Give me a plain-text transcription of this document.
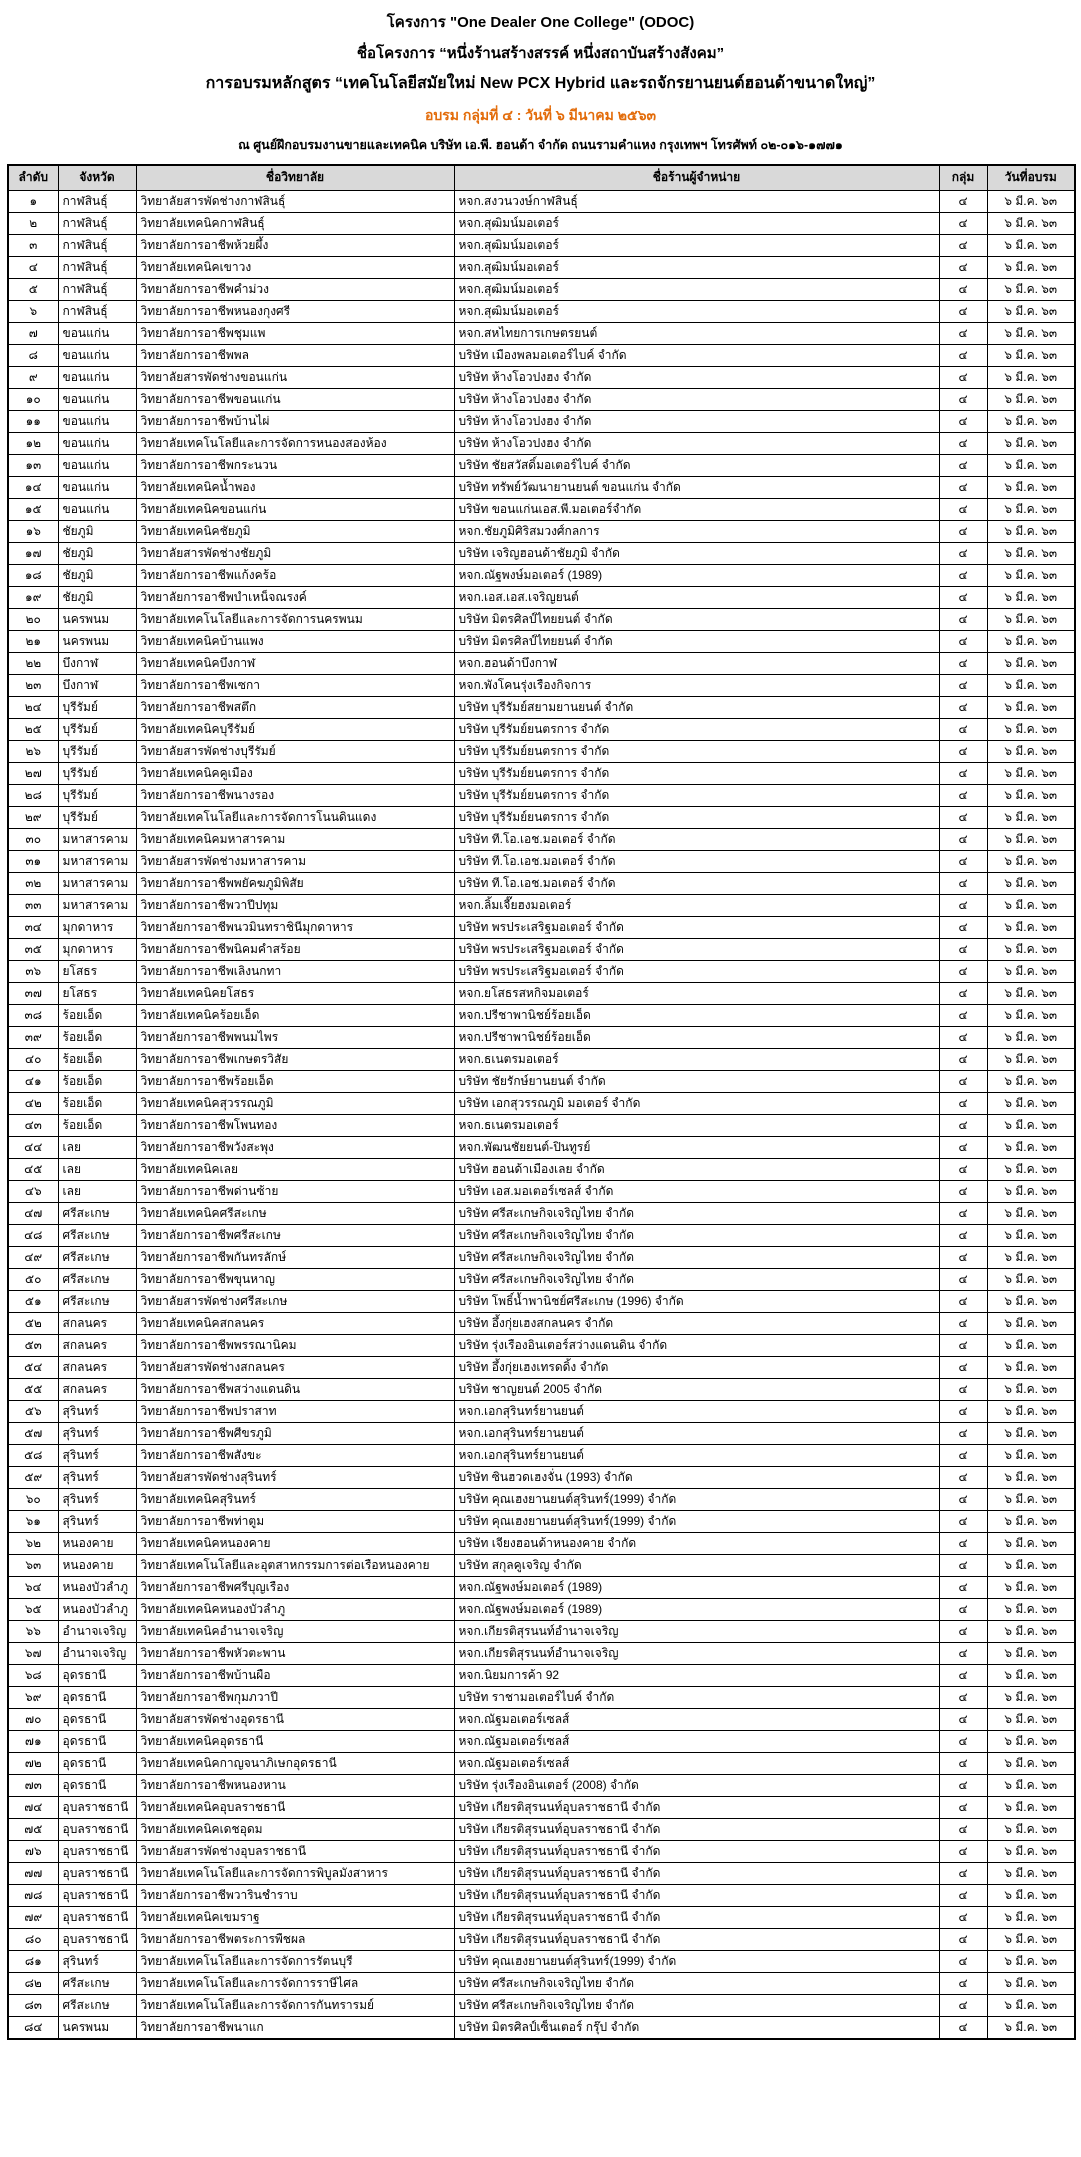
โครงการ "One Dealer One College" (ODOC)
ชื่อโครงการ “หนึ่งร้านสร้างสรรค์ หนึ่งสถาบันสร้างสังคม”
การอบรมหลักสูตร “เทคโนโลยีสมัยใหม่ New PCX Hybrid และรถจักรยานยนต์ฮอนด้าขนาดใหญ่”
อบรม กลุ่มที่ ๔ : วันที่ ๖ มีนาคม ๒๕๖๓
ณ ศูนย์ฝึกอบรมงานขายและเทคนิค บริษัท เอ.พี. ฮอนด้า จำกัด ถนนรามคำแหง กรุงเทพฯ โทรศัพท์ ๐๒-๐๑๖-๑๗๗๑
ลำดับ	จังหวัด	ชื่อวิทยาลัย	ชื่อร้านผู้จำหน่าย	กลุ่ม	วันที่อบรม
๑	กาฬสินธุ์	วิทยาลัยสารพัดช่างกาฬสินธุ์	หจก.สงวนวงษ์กาฬสินธุ์	๔	๖ มี.ค. ๖๓
๒	กาฬสินธุ์	วิทยาลัยเทคนิคกาฬสินธุ์	หจก.สุฒิมน์มอเตอร์	๔	๖ มี.ค. ๖๓
๓	กาฬสินธุ์	วิทยาลัยการอาชีพห้วยผึ้ง	หจก.สุฒิมน์มอเตอร์	๔	๖ มี.ค. ๖๓
๔	กาฬสินธุ์	วิทยาลัยเทคนิคเขาวง	หจก.สุฒิมน์มอเตอร์	๔	๖ มี.ค. ๖๓
๕	กาฬสินธุ์	วิทยาลัยการอาชีพคำม่วง	หจก.สุฒิมน์มอเตอร์	๔	๖ มี.ค. ๖๓
๖	กาฬสินธุ์	วิทยาลัยการอาชีพหนองกุงศรี	หจก.สุฒิมน์มอเตอร์	๔	๖ มี.ค. ๖๓
๗	ขอนแก่น	วิทยาลัยการอาชีพชุมแพ	หจก.สหไทยการเกษตรยนต์	๔	๖ มี.ค. ๖๓
๘	ขอนแก่น	วิทยาลัยการอาชีพพล	บริษัท เมืองพลมอเตอร์ไบค์ จำกัด	๔	๖ มี.ค. ๖๓
๙	ขอนแก่น	วิทยาลัยสารพัดช่างขอนแก่น	บริษัท ห้างโอวปงฮง จำกัด	๔	๖ มี.ค. ๖๓
๑๐	ขอนแก่น	วิทยาลัยการอาชีพขอนแก่น	บริษัท ห้างโอวปงฮง จำกัด	๔	๖ มี.ค. ๖๓
๑๑	ขอนแก่น	วิทยาลัยการอาชีพบ้านไผ่	บริษัท ห้างโอวปงฮง จำกัด	๔	๖ มี.ค. ๖๓
๑๒	ขอนแก่น	วิทยาลัยเทคโนโลยีและการจัดการหนองสองห้อง	บริษัท ห้างโอวปงฮง จำกัด	๔	๖ มี.ค. ๖๓
๑๓	ขอนแก่น	วิทยาลัยการอาชีพกระนวน	บริษัท ชัยสวัสดิ์มอเตอร์ไบค์ จำกัด	๔	๖ มี.ค. ๖๓
๑๔	ขอนแก่น	วิทยาลัยเทคนิคน้ำพอง	บริษัท ทรัพย์วัฒนายานยนต์ ขอนแก่น จำกัด	๔	๖ มี.ค. ๖๓
๑๕	ขอนแก่น	วิทยาลัยเทคนิคขอนแก่น	บริษัท ขอนแก่นเอส.พี.มอเตอร์จำกัด	๔	๖ มี.ค. ๖๓
๑๖	ชัยภูมิ	วิทยาลัยเทคนิคชัยภูมิ	หจก.ชัยภูมิศิริสมวงศ์กลการ	๔	๖ มี.ค. ๖๓
๑๗	ชัยภูมิ	วิทยาลัยสารพัดช่างชัยภูมิ	บริษัท เจริญฮอนด้าชัยภูมิ จำกัด	๔	๖ มี.ค. ๖๓
๑๘	ชัยภูมิ	วิทยาลัยการอาชีพแก้งคร้อ	หจก.ณัฐพงษ์มอเตอร์ (1989)	๔	๖ มี.ค. ๖๓
๑๙	ชัยภูมิ	วิทยาลัยการอาชีพบำเหน็จณรงค์	หจก.เอส.เอส.เจริญยนต์	๔	๖ มี.ค. ๖๓
๒๐	นครพนม	วิทยาลัยเทคโนโลยีและการจัดการนครพนม	บริษัท มิตรศิลป์ไทยยนต์ จำกัด	๔	๖ มี.ค. ๖๓
๒๑	นครพนม	วิทยาลัยเทคนิคบ้านแพง	บริษัท มิตรศิลป์ไทยยนต์ จำกัด	๔	๖ มี.ค. ๖๓
๒๒	บึงกาฬ	วิทยาลัยเทคนิคบึงกาฬ	หจก.ฮอนด้าบึงกาฬ	๔	๖ มี.ค. ๖๓
๒๓	บึงกาฬ	วิทยาลัยการอาชีพเซกา	หจก.พังโคนรุ่งเรืองกิจการ	๔	๖ มี.ค. ๖๓
๒๔	บุรีรัมย์	วิทยาลัยการอาชีพสตึก	บริษัท บุรีรัมย์สยามยานยนต์ จำกัด	๔	๖ มี.ค. ๖๓
๒๕	บุรีรัมย์	วิทยาลัยเทคนิคบุรีรัมย์	บริษัท บุรีรัมย์ยนตรการ จำกัด	๔	๖ มี.ค. ๖๓
๒๖	บุรีรัมย์	วิทยาลัยสารพัดช่างบุรีรัมย์	บริษัท บุรีรัมย์ยนตรการ จำกัด	๔	๖ มี.ค. ๖๓
๒๗	บุรีรัมย์	วิทยาลัยเทคนิคคูเมือง	บริษัท บุรีรัมย์ยนตรการ จำกัด	๔	๖ มี.ค. ๖๓
๒๘	บุรีรัมย์	วิทยาลัยการอาชีพนางรอง	บริษัท บุรีรัมย์ยนตรการ จำกัด	๔	๖ มี.ค. ๖๓
๒๙	บุรีรัมย์	วิทยาลัยเทคโนโลยีและการจัดการโนนดินแดง	บริษัท บุรีรัมย์ยนตรการ จำกัด	๔	๖ มี.ค. ๖๓
๓๐	มหาสารคาม	วิทยาลัยเทคนิคมหาสารคาม	บริษัท ที.โอ.เอช.มอเตอร์ จำกัด	๔	๖ มี.ค. ๖๓
๓๑	มหาสารคาม	วิทยาลัยสารพัดช่างมหาสารคาม	บริษัท ที.โอ.เอช.มอเตอร์ จำกัด	๔	๖ มี.ค. ๖๓
๓๒	มหาสารคาม	วิทยาลัยการอาชีพพยัคฆภูมิพิสัย	บริษัท ที.โอ.เอช.มอเตอร์ จำกัด	๔	๖ มี.ค. ๖๓
๓๓	มหาสารคาม	วิทยาลัยการอาชีพวาปีปทุม	หจก.ลิ้มเจี๊ยฮงมอเตอร์	๔	๖ มี.ค. ๖๓
๓๔	มุกดาหาร	วิทยาลัยการอาชีพนวมินทราชินีมุกดาหาร	บริษัท พรประเสริฐมอเตอร์ จำกัด	๔	๖ มี.ค. ๖๓
๓๕	มุกดาหาร	วิทยาลัยการอาชีพนิคมคำสร้อย	บริษัท พรประเสริฐมอเตอร์ จำกัด	๔	๖ มี.ค. ๖๓
๓๖	ยโสธร	วิทยาลัยการอาชีพเลิงนกทา	บริษัท พรประเสริฐมอเตอร์ จำกัด	๔	๖ มี.ค. ๖๓
๓๗	ยโสธร	วิทยาลัยเทคนิคยโสธร	หจก.ยโสธรสหกิจมอเตอร์	๔	๖ มี.ค. ๖๓
๓๘	ร้อยเอ็ด	วิทยาลัยเทคนิคร้อยเอ็ด	หจก.ปรีชาพานิชย์ร้อยเอ็ด	๔	๖ มี.ค. ๖๓
๓๙	ร้อยเอ็ด	วิทยาลัยการอาชีพพนมไพร	หจก.ปรีชาพานิชย์ร้อยเอ็ด	๔	๖ มี.ค. ๖๓
๔๐	ร้อยเอ็ด	วิทยาลัยการอาชีพเกษตรวิสัย	หจก.ธเนตรมอเตอร์	๔	๖ มี.ค. ๖๓
๔๑	ร้อยเอ็ด	วิทยาลัยการอาชีพร้อยเอ็ด	บริษัท ชัยรักษ์ยานยนต์ จำกัด	๔	๖ มี.ค. ๖๓
๔๒	ร้อยเอ็ด	วิทยาลัยเทคนิคสุวรรณภูมิ	บริษัท เอกสุวรรณภูมิ มอเตอร์ จำกัด	๔	๖ มี.ค. ๖๓
๔๓	ร้อยเอ็ด	วิทยาลัยการอาชีพโพนทอง	หจก.ธเนตรมอเตอร์	๔	๖ มี.ค. ๖๓
๔๔	เลย	วิทยาลัยการอาชีพวังสะพุง	หจก.พัฒนชัยยนต์-ปินทูรย์	๔	๖ มี.ค. ๖๓
๔๕	เลย	วิทยาลัยเทคนิคเลย	บริษัท ฮอนด้าเมืองเลย จำกัด	๔	๖ มี.ค. ๖๓
๔๖	เลย	วิทยาลัยการอาชีพด่านซ้าย	บริษัท เอส.มอเตอร์เซลส์ จำกัด	๔	๖ มี.ค. ๖๓
๔๗	ศรีสะเกษ	วิทยาลัยเทคนิคศรีสะเกษ	บริษัท ศรีสะเกษกิจเจริญไทย จำกัด	๔	๖ มี.ค. ๖๓
๔๘	ศรีสะเกษ	วิทยาลัยการอาชีพศรีสะเกษ	บริษัท ศรีสะเกษกิจเจริญไทย จำกัด	๔	๖ มี.ค. ๖๓
๔๙	ศรีสะเกษ	วิทยาลัยการอาชีพกันทรลักษ์	บริษัท ศรีสะเกษกิจเจริญไทย จำกัด	๔	๖ มี.ค. ๖๓
๕๐	ศรีสะเกษ	วิทยาลัยการอาชีพขุนหาญ	บริษัท ศรีสะเกษกิจเจริญไทย จำกัด	๔	๖ มี.ค. ๖๓
๕๑	ศรีสะเกษ	วิทยาลัยสารพัดช่างศรีสะเกษ	บริษัท โพธิ์น้ำพานิชย์ศรีสะเกษ (1996) จำกัด	๔	๖ มี.ค. ๖๓
๕๒	สกลนคร	วิทยาลัยเทคนิคสกลนคร	บริษัท อึ้งกุ่ยเฮงสกลนคร จำกัด	๔	๖ มี.ค. ๖๓
๕๓	สกลนคร	วิทยาลัยการอาชีพพรรณานิคม	บริษัท รุ่งเรืองอินเตอร์สว่างแดนดิน จำกัด	๔	๖ มี.ค. ๖๓
๕๔	สกลนคร	วิทยาลัยสารพัดช่างสกลนคร	บริษัท อึ้งกุ่ยเฮงเทรดดิ้ง จำกัด	๔	๖ มี.ค. ๖๓
๕๕	สกลนคร	วิทยาลัยการอาชีพสว่างแดนดิน	บริษัท ชาญยนต์ 2005 จำกัด	๔	๖ มี.ค. ๖๓
๕๖	สุรินทร์	วิทยาลัยการอาชีพปราสาท	หจก.เอกสุรินทร์ยานยนต์	๔	๖ มี.ค. ๖๓
๕๗	สุรินทร์	วิทยาลัยการอาชีพศีขรภูมิ	หจก.เอกสุรินทร์ยานยนต์	๔	๖ มี.ค. ๖๓
๕๘	สุรินทร์	วิทยาลัยการอาชีพสังขะ	หจก.เอกสุรินทร์ยานยนต์	๔	๖ มี.ค. ๖๓
๕๙	สุรินทร์	วิทยาลัยสารพัดช่างสุรินทร์	บริษัท ซินฮวดเฮงจั่น (1993) จำกัด	๔	๖ มี.ค. ๖๓
๖๐	สุรินทร์	วิทยาลัยเทคนิคสุรินทร์	บริษัท คุณเฮงยานยนต์สุรินทร์(1999) จำกัด	๔	๖ มี.ค. ๖๓
๖๑	สุรินทร์	วิทยาลัยการอาชีพท่าตูม	บริษัท คุณเฮงยานยนต์สุรินทร์(1999) จำกัด	๔	๖ มี.ค. ๖๓
๖๒	หนองคาย	วิทยาลัยเทคนิคหนองคาย	บริษัท เจียงฮอนด้าหนองคาย จำกัด	๔	๖ มี.ค. ๖๓
๖๓	หนองคาย	วิทยาลัยเทคโนโลยีและอุตสาหกรรมการต่อเรือหนองคาย	บริษัท สกุลคูเจริญ จำกัด	๔	๖ มี.ค. ๖๓
๖๔	หนองบัวลำภู	วิทยาลัยการอาชีพศรีบุญเรือง	หจก.ณัฐพงษ์มอเตอร์ (1989)	๔	๖ มี.ค. ๖๓
๖๕	หนองบัวลำภู	วิทยาลัยเทคนิคหนองบัวลำภู	หจก.ณัฐพงษ์มอเตอร์ (1989)	๔	๖ มี.ค. ๖๓
๖๖	อำนาจเจริญ	วิทยาลัยเทคนิคอำนาจเจริญ	หจก.เกียรติสุรนนท์อำนาจเจริญ	๔	๖ มี.ค. ๖๓
๖๗	อำนาจเจริญ	วิทยาลัยการอาชีพหัวตะพาน	หจก.เกียรติสุรนนท์อำนาจเจริญ	๔	๖ มี.ค. ๖๓
๖๘	อุดรธานี	วิทยาลัยการอาชีพบ้านผือ	หจก.นิยมการค้า 92	๔	๖ มี.ค. ๖๓
๖๙	อุดรธานี	วิทยาลัยการอาชีพกุมภวาปี	บริษัท ราชามอเตอร์ไบค์ จำกัด	๔	๖ มี.ค. ๖๓
๗๐	อุดรธานี	วิทยาลัยสารพัดช่างอุดรธานี	หจก.ณัฐมอเตอร์เซลส์	๔	๖ มี.ค. ๖๓
๗๑	อุดรธานี	วิทยาลัยเทคนิคอุดรธานี	หจก.ณัฐมอเตอร์เซลส์	๔	๖ มี.ค. ๖๓
๗๒	อุดรธานี	วิทยาลัยเทคนิคกาญจนาภิเษกอุดรธานี	หจก.ณัฐมอเตอร์เซลส์	๔	๖ มี.ค. ๖๓
๗๓	อุดรธานี	วิทยาลัยการอาชีพหนองหาน	บริษัท รุ่งเรืองอินเตอร์ (2008) จำกัด	๔	๖ มี.ค. ๖๓
๗๔	อุบลราชธานี	วิทยาลัยเทคนิคอุบลราชธานี	บริษัท เกียรติสุรนนท์อุบลราชธานี จำกัด	๔	๖ มี.ค. ๖๓
๗๕	อุบลราชธานี	วิทยาลัยเทคนิคเดชอุดม	บริษัท เกียรติสุรนนท์อุบลราชธานี จำกัด	๔	๖ มี.ค. ๖๓
๗๖	อุบลราชธานี	วิทยาลัยสารพัดช่างอุบลราชธานี	บริษัท เกียรติสุรนนท์อุบลราชธานี จำกัด	๔	๖ มี.ค. ๖๓
๗๗	อุบลราชธานี	วิทยาลัยเทคโนโลยีและการจัดการพิบูลมังสาหาร	บริษัท เกียรติสุรนนท์อุบลราชธานี จำกัด	๔	๖ มี.ค. ๖๓
๗๘	อุบลราชธานี	วิทยาลัยการอาชีพวารินชำราบ	บริษัท เกียรติสุรนนท์อุบลราชธานี จำกัด	๔	๖ มี.ค. ๖๓
๗๙	อุบลราชธานี	วิทยาลัยเทคนิคเขมราฐ	บริษัท เกียรติสุรนนท์อุบลราชธานี จำกัด	๔	๖ มี.ค. ๖๓
๘๐	อุบลราชธานี	วิทยาลัยการอาชีพตระการพืชผล	บริษัท เกียรติสุรนนท์อุบลราชธานี จำกัด	๔	๖ มี.ค. ๖๓
๘๑	สุรินทร์	วิทยาลัยเทคโนโลยีและการจัดการรัตนบุรี	บริษัท คุณเฮงยานยนต์สุรินทร์(1999) จำกัด	๔	๖ มี.ค. ๖๓
๘๒	ศรีสะเกษ	วิทยาลัยเทคโนโลยีและการจัดการราษีไศล	บริษัท ศรีสะเกษกิจเจริญไทย จำกัด	๔	๖ มี.ค. ๖๓
๘๓	ศรีสะเกษ	วิทยาลัยเทคโนโลยีและการจัดการกันทรารมย์	บริษัท ศรีสะเกษกิจเจริญไทย จำกัด	๔	๖ มี.ค. ๖๓
๘๔	นครพนม	วิทยาลัยการอาชีพนาแก	บริษัท มิตรศิลป์เซ็นเตอร์ กรุ๊ป จำกัด	๔	๖ มี.ค. ๖๓
